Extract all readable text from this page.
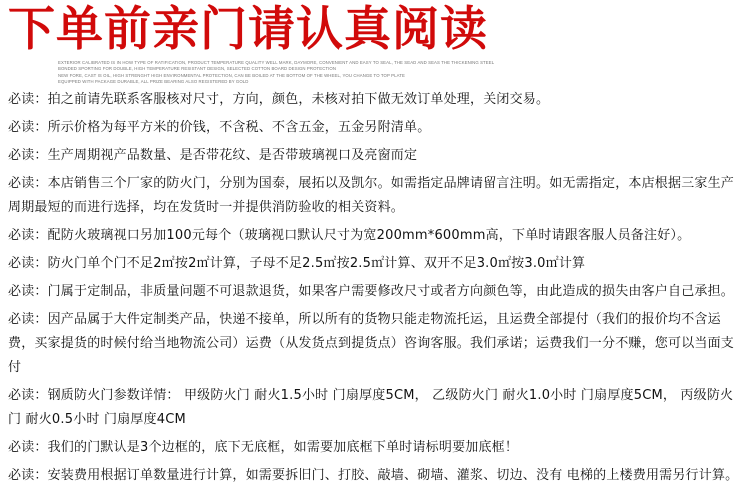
下单前亲门请认真阅读
EXTERIOR CALIBRATED IS IN HOW TYPE OF RATIFICATION, PRODUCT TEMPERATURE QUALITY WELL MARK, DAYMORE, CONVENIENT AND EASY TO SEAL, THE SEAD AND SEAS THE THICKENING STEEL
BONDED SPORTING FOR DOUBLE, HIGH TEMPERATURE RESISTANT DESIGN, SELECTED COTTON BOARD DESIGN PROTECTION
NEW FORE, CAST IS OIL, HIGH STRENGHT HIGH ENVIRONMENTAL PROTECTION, CAN BE BOILED AT THE BOTTOM OF THE WHEEL, YOU CHANGE TO TOP PLATE
EQUIPPED WITH PACKAGE DURABLE, ALL PRIZE BEARING ALSO REGISTERED BY GOLD
必读：拍之前请先联系客服核对尺寸，方向，颜色，未核对拍下做无效订单处理，关闭交易。
必读：所示价格为每平方米的价钱，不含税、不含五金，五金另附清单。
必读：生产周期视产品数量、是否带花纹、是否带玻璃视口及亮窗而定
必读：本店销售三个厂家的防火门，分别为国泰，展拓以及凯尔。如需指定品牌请留言注明。如无需指定，本店根据三家生产周期最短的而进行选择，均在发货时一并提供消防验收的相关资料。
必读：配防火玻璃视口另加100元每个（玻璃视口默认尺寸为宽200mm*600mm高，下单时请跟客服人员备注好）。
必读：防火门单个门不足2㎡按2㎡计算，子母不足2.5㎡按2.5㎡计算、双开不足3.0㎡按3.0㎡计算
必读：门属于定制品，非质量问题不可退款退货，如果客户需要修改尺寸或者方向颜色等，由此造成的损失由客户自己承担。
必读：因产品属于大件定制类产品，快递不接单，所以所有的货物只能走物流托运，且运费全部提付（我们的报价均不含运费，买家提货的时候付给当地物流公司）运费（从发货点到提货点）咨询客服。我们承诺；运费我们一分不赚，您可以当面支付
必读：钢质防火门参数详情： 甲级防火门 耐火1.5小时 门扇厚度5CM， 乙级防火门 耐火1.0小时 门扇厚度5CM， 丙级防火门 耐火0.5小时 门扇厚度4CM
必读：我们的门默认是3个边框的，底下无底框，如需要加底框下单时请标明要加底框！
必读：安装费用根据订单数量进行计算，如需要拆旧门、打胶、敲墙、砌墙、灌浆、切边、没有 电梯的上楼费用需另行计算。
